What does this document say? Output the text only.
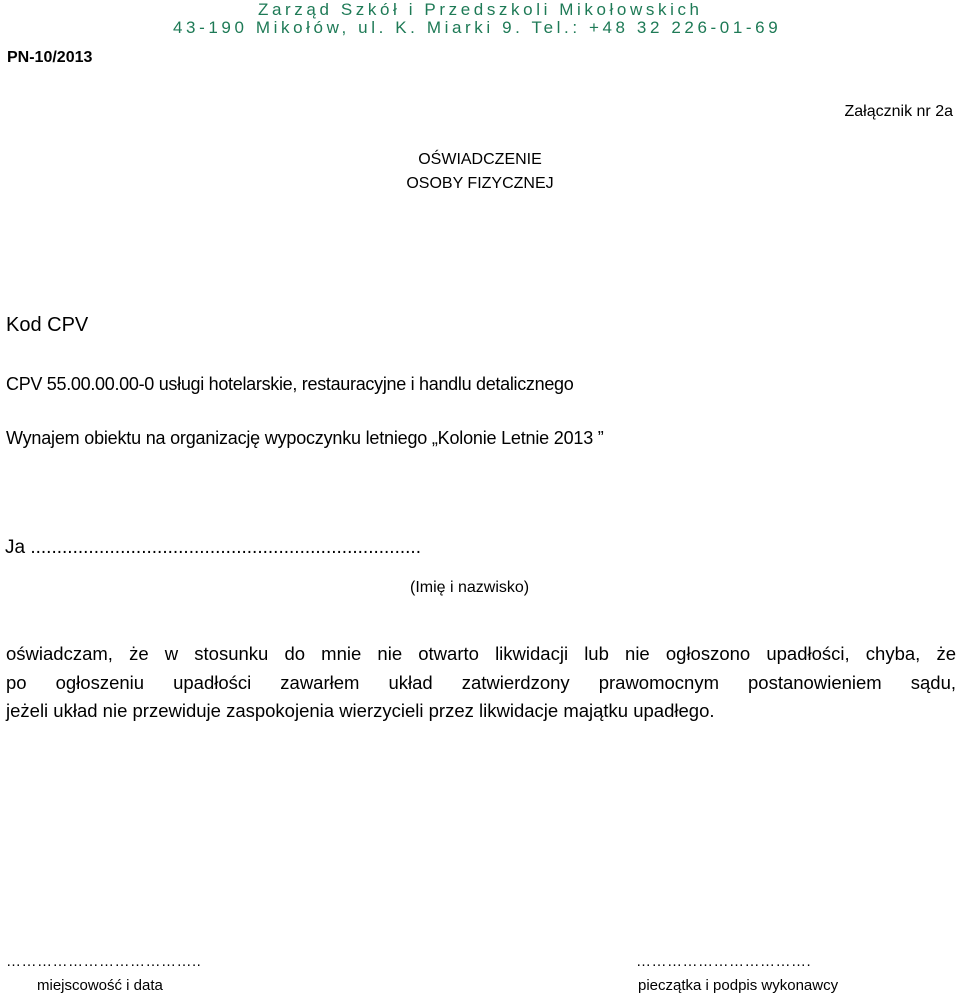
Zarząd Szkół i Przedszkoli Mikołowskich
43-190 Mikołów, ul. K. Miarki 9. Tel.: +48 32 226-01-69
PN-10/2013
Załącznik nr 2a
OŚWIADCZENIE
OSOBY FIZYCZNEJ
Kod CPV
CPV 55.00.00.00-0 usługi hotelarskie, restauracyjne i handlu detalicznego
Wynajem obiektu na organizację wypoczynku letniego „Kolonie Letnie 2013 ”
Ja ..........................................................................
(Imię i nazwisko)
oświadczam, że w stosunku do mnie nie otwarto likwidacji lub nie ogłoszono upadłości, chyba, że
po ogłoszeniu upadłości zawarłem układ zatwierdzony prawomocnym postanowieniem sądu,
jeżeli układ nie przewiduje zaspokojenia wierzycieli przez likwidacje majątku upadłego.
………………………………..
miejscowość i data
…………………………….
pieczątka i podpis wykonawcy
